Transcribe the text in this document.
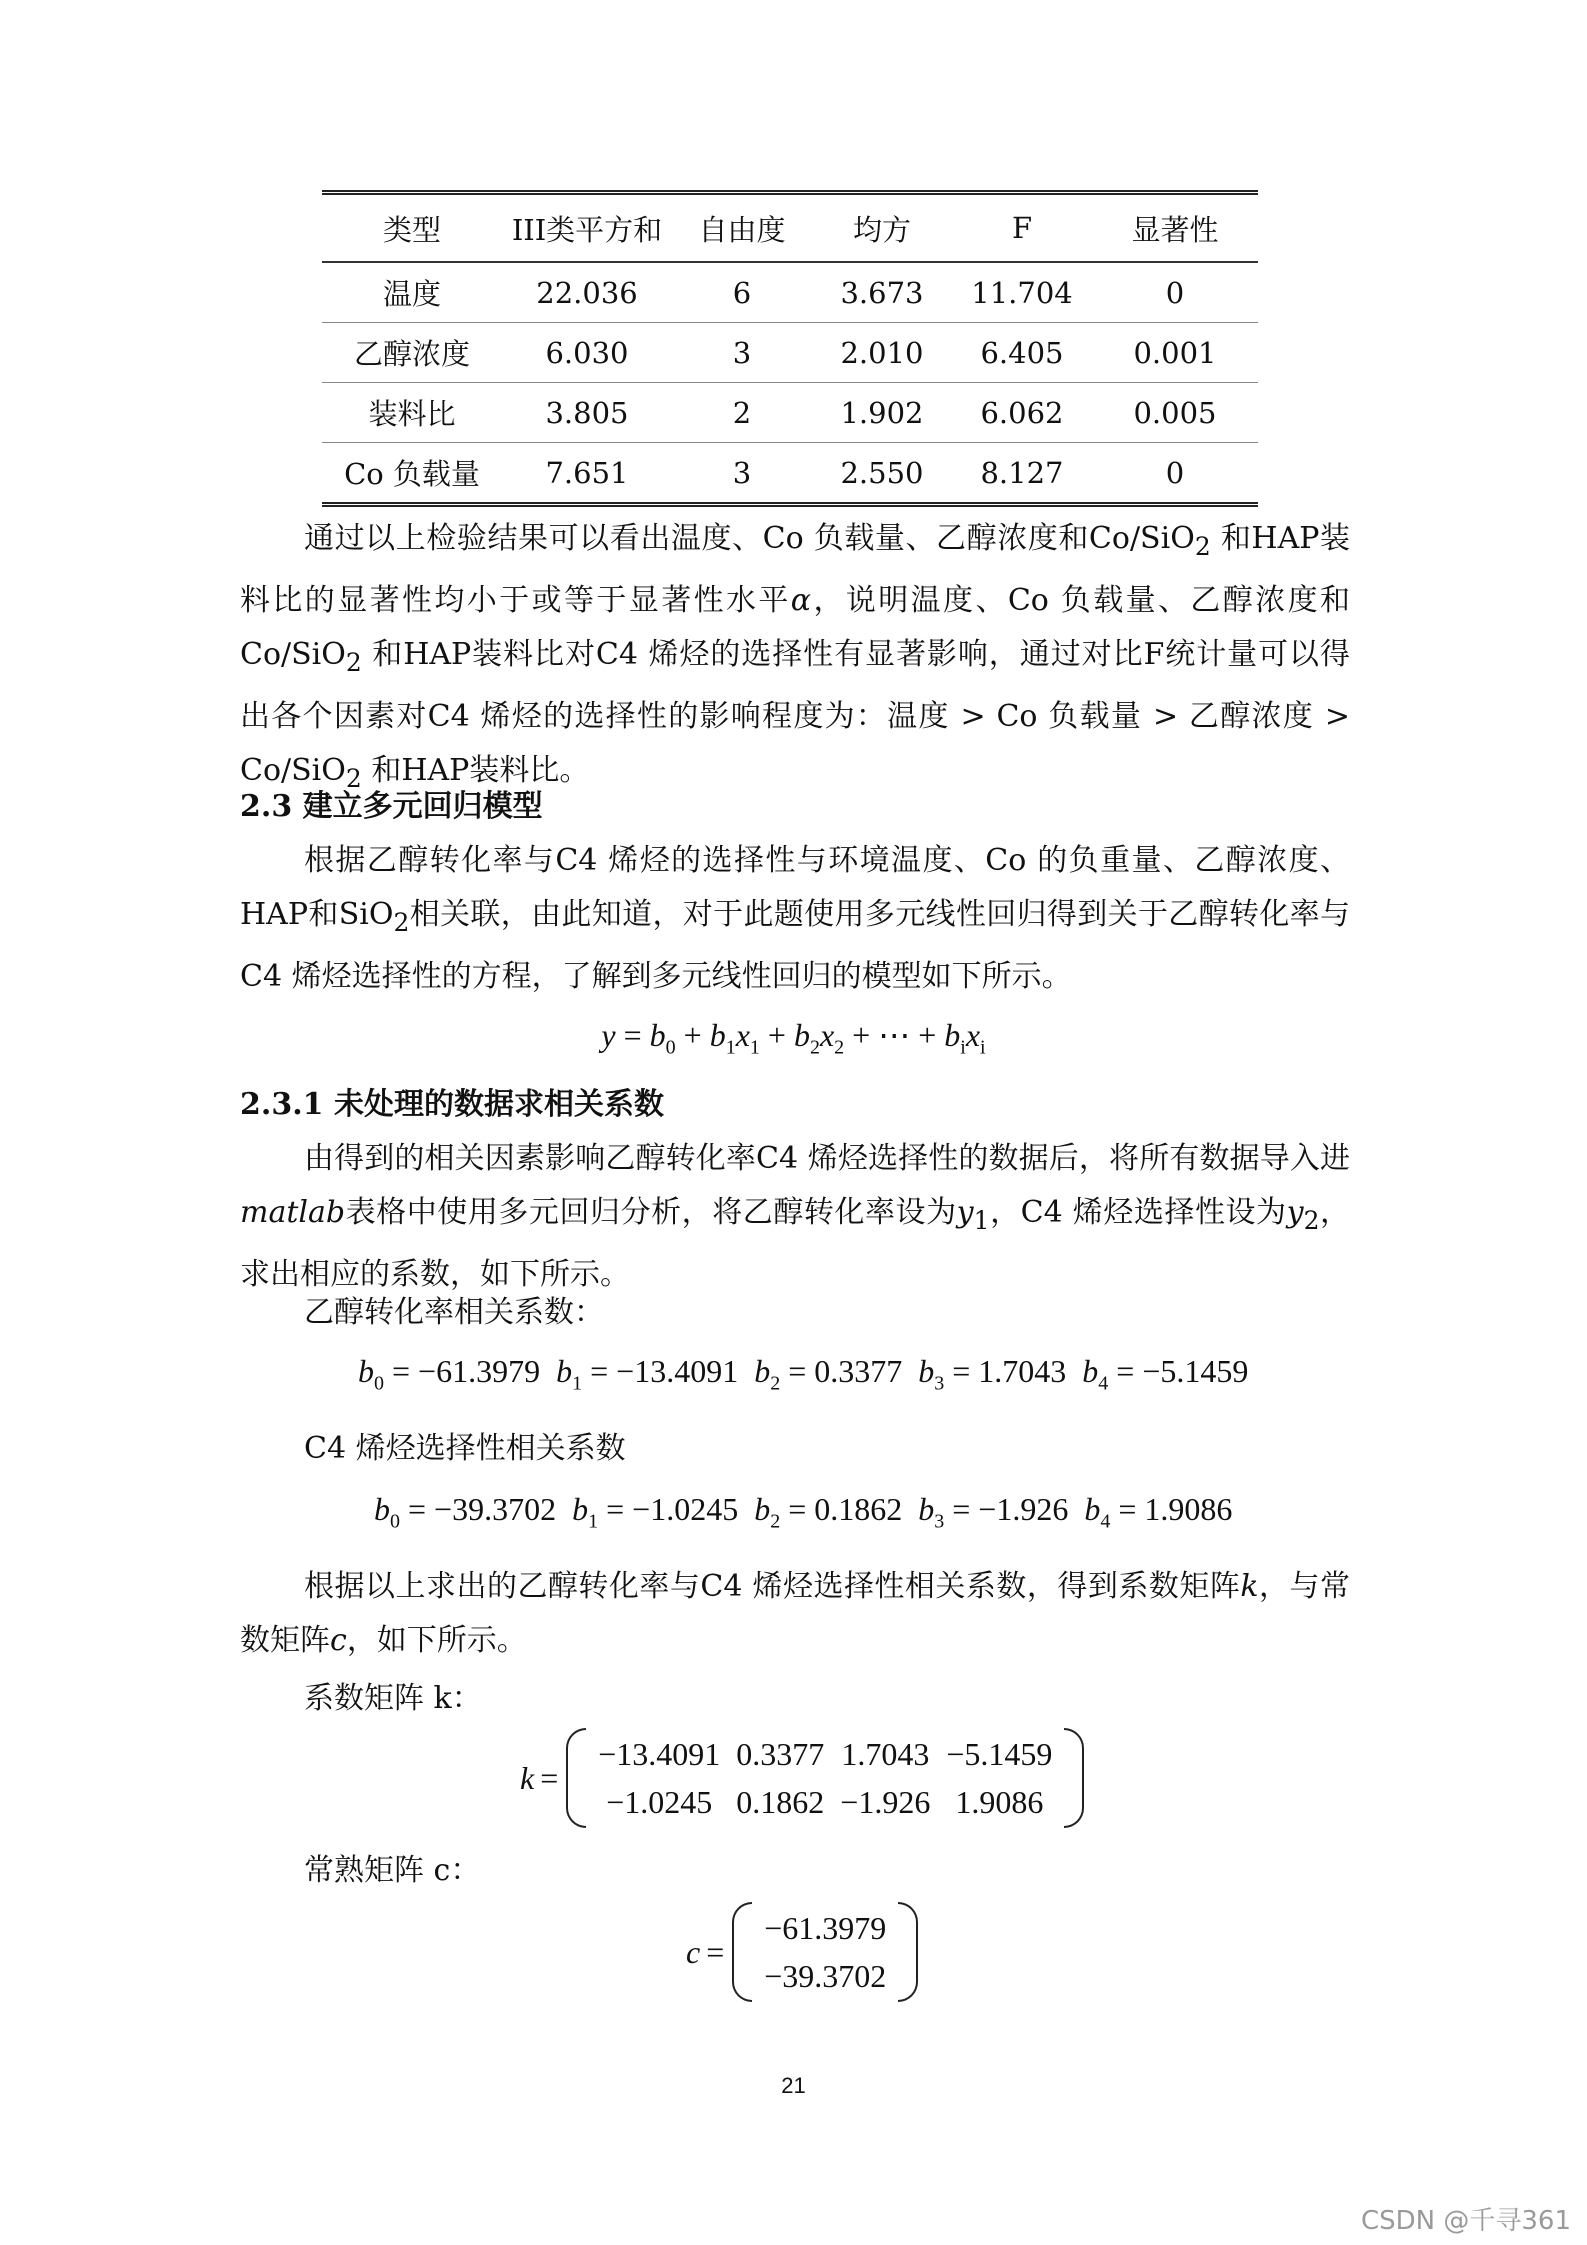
类型	III类平方和	自由度	均方	F	显著性
温度	22.036	6	3.673	11.704	0
乙醇浓度	6.030	3	2.010	6.405	0.001
装料比	3.805	2	1.902	6.062	0.005
Co 负载量	7.651	3	2.550	8.127	0

通过以上检验结果可以看出温度、Co 负载量、乙醇浓度和Co/SiO$_2$ 和HAP装料比的显著性均小于或等于显著性水平α，说明温度、Co 负载量、乙醇浓度和Co/SiO$_2$ 和HAP装料比对C4 烯烃的选择性有显著影响，通过对比F统计量可以得出各个因素对C4 烯烃的选择性的影响程度为：温度 > Co 负载量 > 乙醇浓度 > Co/SiO$_2$ 和HAP装料比。

2.3 建立多元回归模型

根据乙醇转化率与C4 烯烃的选择性与环境温度、Co 的负重量、乙醇浓度、HAP和SiO$_2$相关联，由此知道，对于此题使用多元线性回归得到关于乙醇转化率与C4 烯烃选择性的方程，了解到多元线性回归的模型如下所示。

$y = b_0 + b_1x_1 + b_2x_2$ + ⋯ + $b_ix_i$
2.3.1 未处理的数据求相关系数

由得到的相关因素影响乙醇转化率C4 烯烃选择性的数据后，将所有数据导入进matlab表格中使用多元回归分析，将乙醇转化率设为$y_1$，C4 烯烃选择性设为$y_2$，求出相应的系数，如下所示。

乙醇转化率相关系数：
$b_0 = -61.3979$ $b_1 = -13.4091$ $b_2 = 0.3377$ $b_3 = 1.7043$ $b_4 = -5.1459$
C4 烯烃选择性相关系数
$b_0 = -39.3702$ $b_1 = -1.0245$ $b_2 = 0.1862$ $b_3 = -1.926$ $b_4 = 1.9086$

根据以上求出的乙醇转化率与C4 烯烃选择性相关系数，得到系数矩阵k，与常数矩阵c，如下所示。

系数矩阵 k：
k =
−13.4091 0.3377 1.7043 −5.1459
−1.0245 0.1862 −1.926 1.9086
常熟矩阵 c：
c =
−61.3979
−39.3702
21
CSDN @千寻361
